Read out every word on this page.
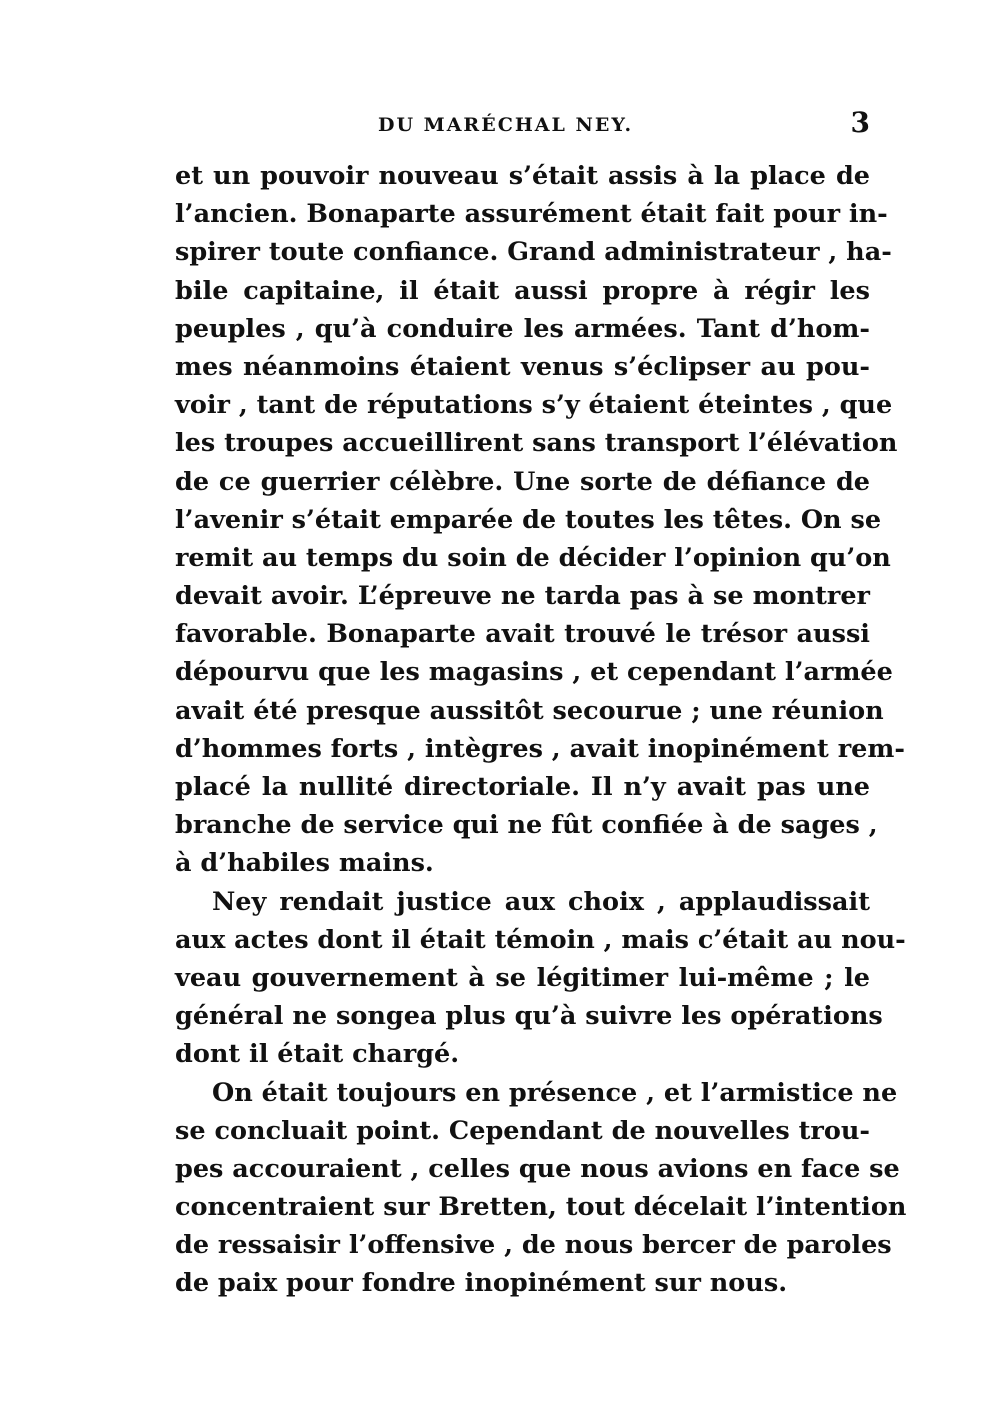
DU MARÉCHAL NEY.	3
et un pouvoir nouveau s’était assis à la place de
l’ancien. Bonaparte assurément était fait pour in-
spirer toute confiance. Grand administrateur , ha-
bile capitaine, il était aussi propre à régir les
peuples , qu’à conduire les armées. Tant d’hom-
mes néanmoins étaient venus s’éclipser au pou-
voir , tant de réputations s’y étaient éteintes , que
les troupes accueillirent sans transport l’élévation
de ce guerrier célèbre. Une sorte de défiance de
l’avenir s’était emparée de toutes les têtes. On se
remit au temps du soin de décider l’opinion qu’on
devait avoir. L’épreuve ne tarda pas à se montrer
favorable. Bonaparte avait trouvé le trésor aussi
dépourvu que les magasins , et cependant l’armée
avait été presque aussitôt secourue ; une réunion
d’hommes forts , intègres , avait inopinément rem-
placé la nullité directoriale. Il n’y avait pas une
branche de service qui ne fût confiée à de sages ,
à d’habiles mains.
Ney rendait justice aux choix , applaudissait
aux actes dont il était témoin , mais c’était au nou-
veau gouvernement à se légitimer lui-même ; le
général ne songea plus qu’à suivre les opérations
dont il était chargé.
On était toujours en présence , et l’armistice ne
se concluait point. Cependant de nouvelles trou-
pes accouraient , celles que nous avions en face se
concentraient sur Bretten, tout décelait l’intention
de ressaisir l’offensive , de nous bercer de paroles
de paix pour fondre inopinément sur nous.
